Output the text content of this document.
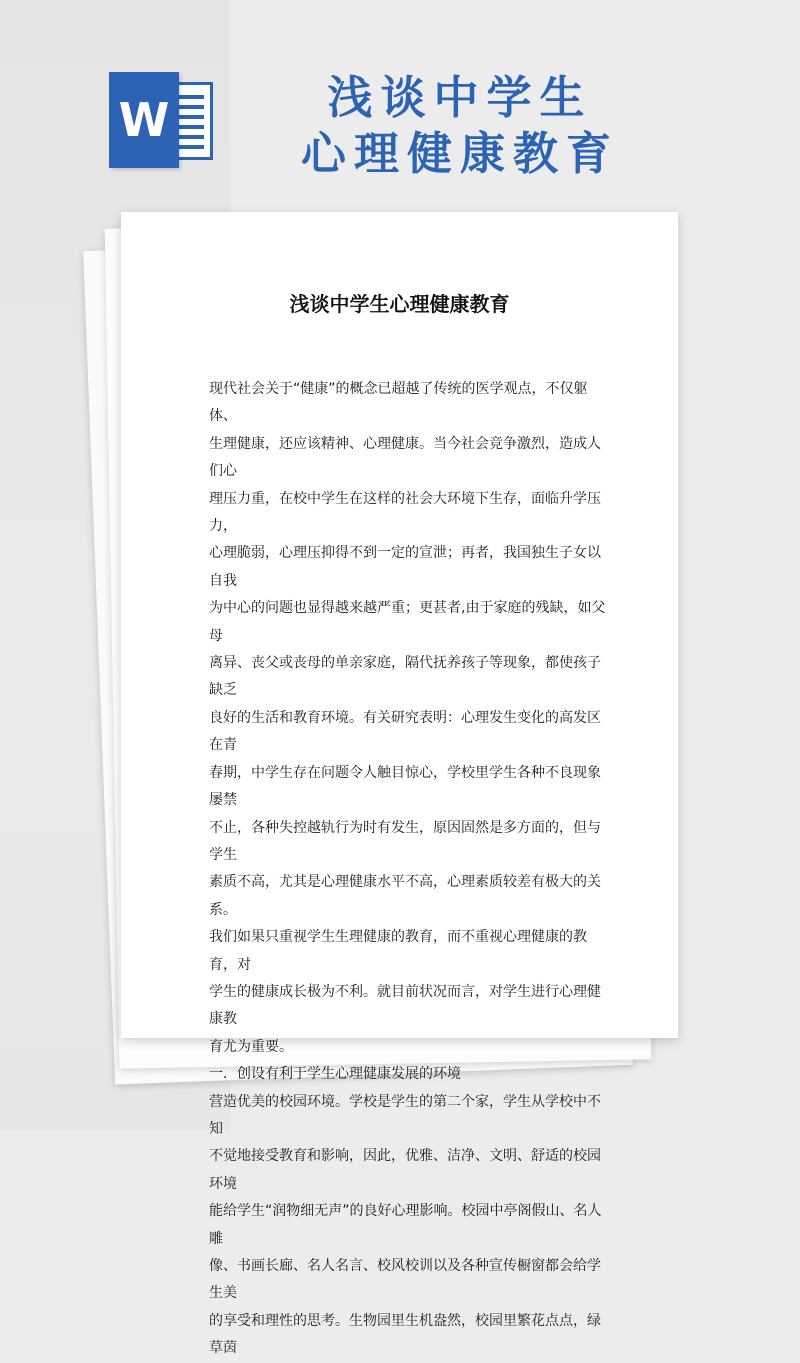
W	浅谈中学生
心理健康教育
浅谈中学生心理健康教育

现代社会关于“健康”的概念已超越了传统的医学观点，不仅躯体、

生理健康，还应该精神、心理健康。当今社会竞争激烈，造成人们心

理压力重，在校中学生在这样的社会大环境下生存，面临升学压力，

心理脆弱，心理压抑得不到一定的宣泄；再者，我国独生子女以自我

为中心的问题也显得越来越严重；更甚者,由于家庭的残缺，如父母

离异、丧父或丧母的单亲家庭，隔代抚养孩子等现象，都使孩子缺乏

良好的生活和教育环境。有关研究表明：心理发生变化的高发区在青

春期，中学生存在问题令人触目惊心，学校里学生各种不良现象屡禁

不止，各种失控越轨行为时有发生，原因固然是多方面的，但与学生

素质不高，尤其是心理健康水平不高，心理素质较差有极大的关系。

我们如果只重视学生生理健康的教育，而不重视心理健康的教育，对

学生的健康成长极为不利。就目前状况而言，对学生进行心理健康教

育尤为重要。

一．创设有利于学生心理健康发展的环境

营造优美的校园环境。学校是学生的第二个家，学生从学校中不知

不觉地接受教育和影响，因此，优雅、洁净、文明、舒适的校园环境

能给学生“润物细无声”的良好心理影响。校园中亭阁假山、名人雕

像、书画长廊、名人名言、校风校训以及各种宣传橱窗都会给学生美

的享受和理性的思考。生物园里生机盎然，校园里繁花点点，绿草茵
